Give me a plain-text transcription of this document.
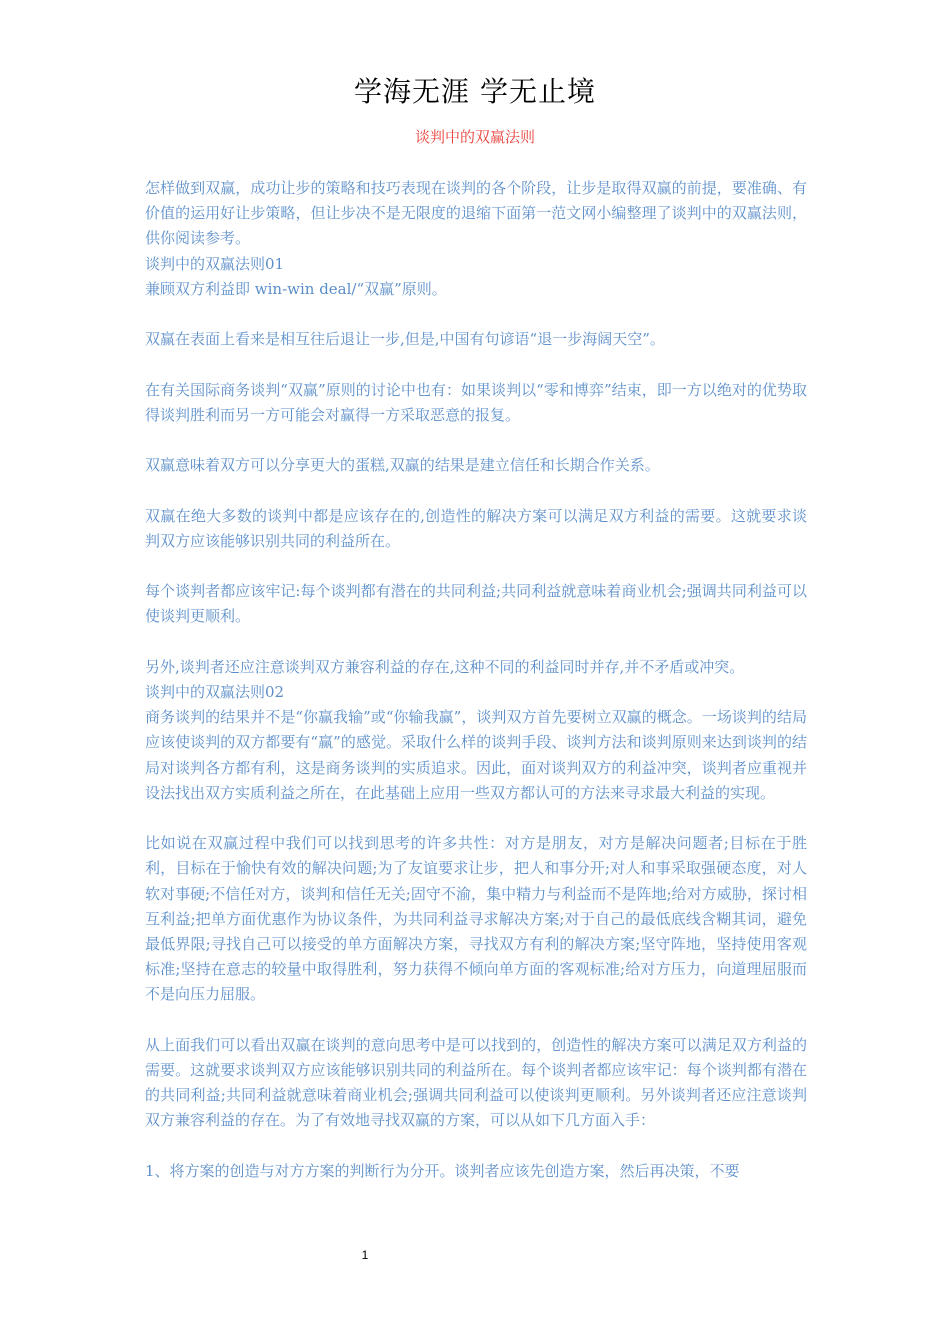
学海无涯 学无止境
谈判中的双赢法则

怎样做到双赢，成功让步的策略和技巧表现在谈判的各个阶段，让步是取得双赢的前提，要准确、有价值的运用好让步策略，但让步决不是无限度的退缩下面第一范文网小编整理了谈判中的双赢法则，供你阅读参考。

谈判中的双赢法则01

兼顾双方利益即 win-win deal/“双赢”原则。

双赢在表面上看来是相互往后退让一步,但是,中国有句谚语“退一步海阔天空”。

在有关国际商务谈判“双赢”原则的讨论中也有：如果谈判以“零和博弈”结束，即一方以绝对的优势取得谈判胜利而另一方可能会对赢得一方采取恶意的报复。

双赢意味着双方可以分享更大的蛋糕,双赢的结果是建立信任和长期合作关系。

双赢在绝大多数的谈判中都是应该存在的,创造性的解决方案可以满足双方利益的需要。这就要求谈判双方应该能够识别共同的利益所在。

每个谈判者都应该牢记:每个谈判都有潜在的共同利益;共同利益就意味着商业机会;强调共同利益可以使谈判更顺利。

另外,谈判者还应注意谈判双方兼容利益的存在,这种不同的利益同时并存,并不矛盾或冲突。

谈判中的双赢法则02

商务谈判的结果并不是“你赢我输”或“你输我赢”，谈判双方首先要树立双赢的概念。一场谈判的结局应该使谈判的双方都要有“赢”的感觉。采取什么样的谈判手段、谈判方法和谈判原则来达到谈判的结局对谈判各方都有利，这是商务谈判的实质追求。因此，面对谈判双方的利益冲突，谈判者应重视并设法找出双方实质利益之所在，在此基础上应用一些双方都认可的方法来寻求最大利益的实现。

比如说在双赢过程中我们可以找到思考的许多共性：对方是朋友，对方是解决问题者;目标在于胜利，目标在于愉快有效的解决问题;为了友谊要求让步，把人和事分开;对人和事采取强硬态度，对人软对事硬;不信任对方，谈判和信任无关;固守不渝，集中精力与利益而不是阵地;给对方威胁，探讨相互利益;把单方面优惠作为协议条件，为共同利益寻求解决方案;对于自己的最低底线含糊其词，避免最低界限;寻找自己可以接受的单方面解决方案，寻找双方有利的解决方案;坚守阵地，坚持使用客观标准;坚持在意志的较量中取得胜利，努力获得不倾向单方面的客观标准;给对方压力，向道理屈服而不是向压力屈服。

从上面我们可以看出双赢在谈判的意向思考中是可以找到的，创造性的解决方案可以满足双方利益的需要。这就要求谈判双方应该能够识别共同的利益所在。每个谈判者都应该牢记：每个谈判都有潜在的共同利益;共同利益就意味着商业机会;强调共同利益可以使谈判更顺利。另外谈判者还应注意谈判双方兼容利益的存在。为了有效地寻找双赢的方案，可以从如下几方面入手：

1、将方案的创造与对方方案的判断行为分开。谈判者应该先创造方案，然后再决策，不要

1
